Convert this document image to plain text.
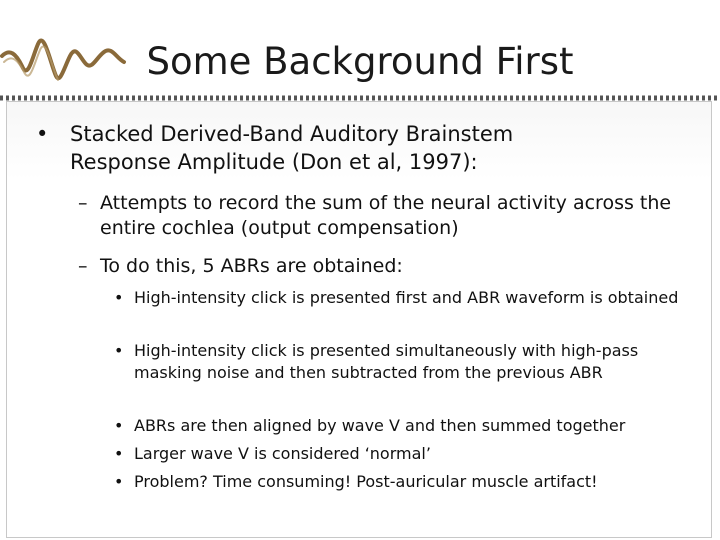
Some Background First
• Stacked Derived-Band Auditory Brainstem Response Amplitude (Don et al, 1997):
– Attempts to record the sum of the neural activity across the entire cochlea (output compensation)
– To do this, 5 ABRs are obtained:
• High-intensity click is presented first and ABR waveform is obtained
• High-intensity click is presented simultaneously with high-pass masking noise and then subtracted from the previous ABR
• ABRs are then aligned by wave V and then summed together
• Larger wave V is considered ‘normal’
• Problem? Time consuming! Post-auricular muscle artifact!
